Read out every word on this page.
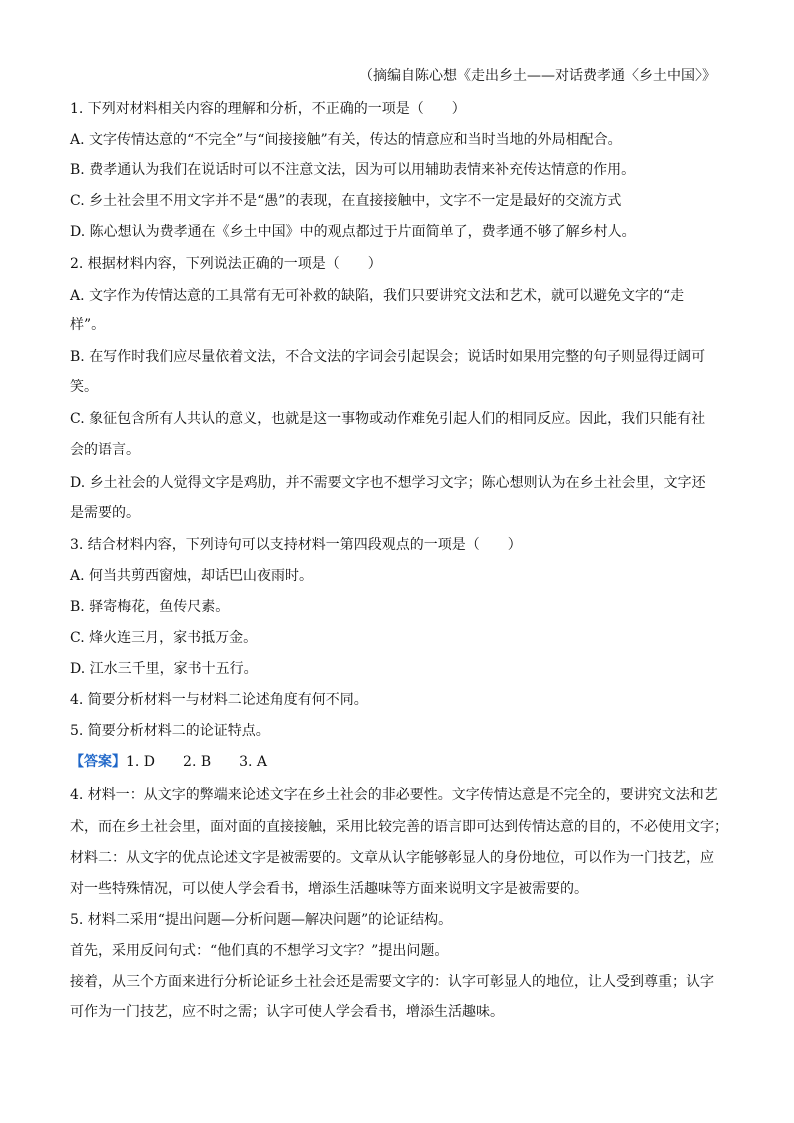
（摘编自陈心想《走出乡土——对话费孝通〈乡土中国〉》
1. 下列对材料相关内容的理解和分析，不正确的一项是（　　）
A. 文字传情达意的“不完全”与“间接接触”有关，传达的情意应和当时当地的外局相配合。
B. 费孝通认为我们在说话时可以不注意文法，因为可以用辅助表情来补充传达情意的作用。
C. 乡土社会里不用文字并不是“愚”的表现，在直接接触中，文字不一定是最好的交流方式
D. 陈心想认为费孝通在《乡土中国》中的观点都过于片面简单了，费孝通不够了解乡村人。
2. 根据材料内容，下列说法正确的一项是（　　）
A. 文字作为传情达意的工具常有无可补救的缺陷，我们只要讲究文法和艺术，就可以避免文字的“走
样”。
B. 在写作时我们应尽量依着文法，不合文法的字词会引起误会；说话时如果用完整的句子则显得迂阔可
笑。
C. 象征包含所有人共认的意义，也就是这一事物或动作难免引起人们的相同反应。因此，我们只能有社
会的语言。
D. 乡土社会的人觉得文字是鸡肋，并不需要文字也不想学习文字；陈心想则认为在乡土社会里，文字还
是需要的。
3. 结合材料内容，下列诗句可以支持材料一第四段观点的一项是（　　）
A. 何当共剪西窗烛，却话巴山夜雨时。
B. 驿寄梅花，鱼传尺素。
C. 烽火连三月，家书抵万金。
D. 江水三千里，家书十五行。
4. 简要分析材料一与材料二论述角度有何不同。
5. 简要分析材料二的论证特点。
【答案】1. D　　2. B　　3. A
4. 材料一：从文字的弊端来论述文字在乡土社会的非必要性。文字传情达意是不完全的，要讲究文法和艺
术，而在乡土社会里，面对面的直接接触，采用比较完善的语言即可达到传情达意的目的，不必使用文字；
材料二：从文字的优点论述文字是被需要的。文章从认字能够彰显人的身份地位，可以作为一门技艺，应
对一些特殊情况，可以使人学会看书，增添生活趣味等方面来说明文字是被需要的。
5. 材料二采用“提出问题—分析问题—解决问题”的论证结构。
首先，采用反问句式：“他们真的不想学习文字？”提出问题。
接着，从三个方面来进行分析论证乡土社会还是需要文字的：认字可彰显人的地位，让人受到尊重；认字
可作为一门技艺，应不时之需；认字可使人学会看书，增添生活趣味。
